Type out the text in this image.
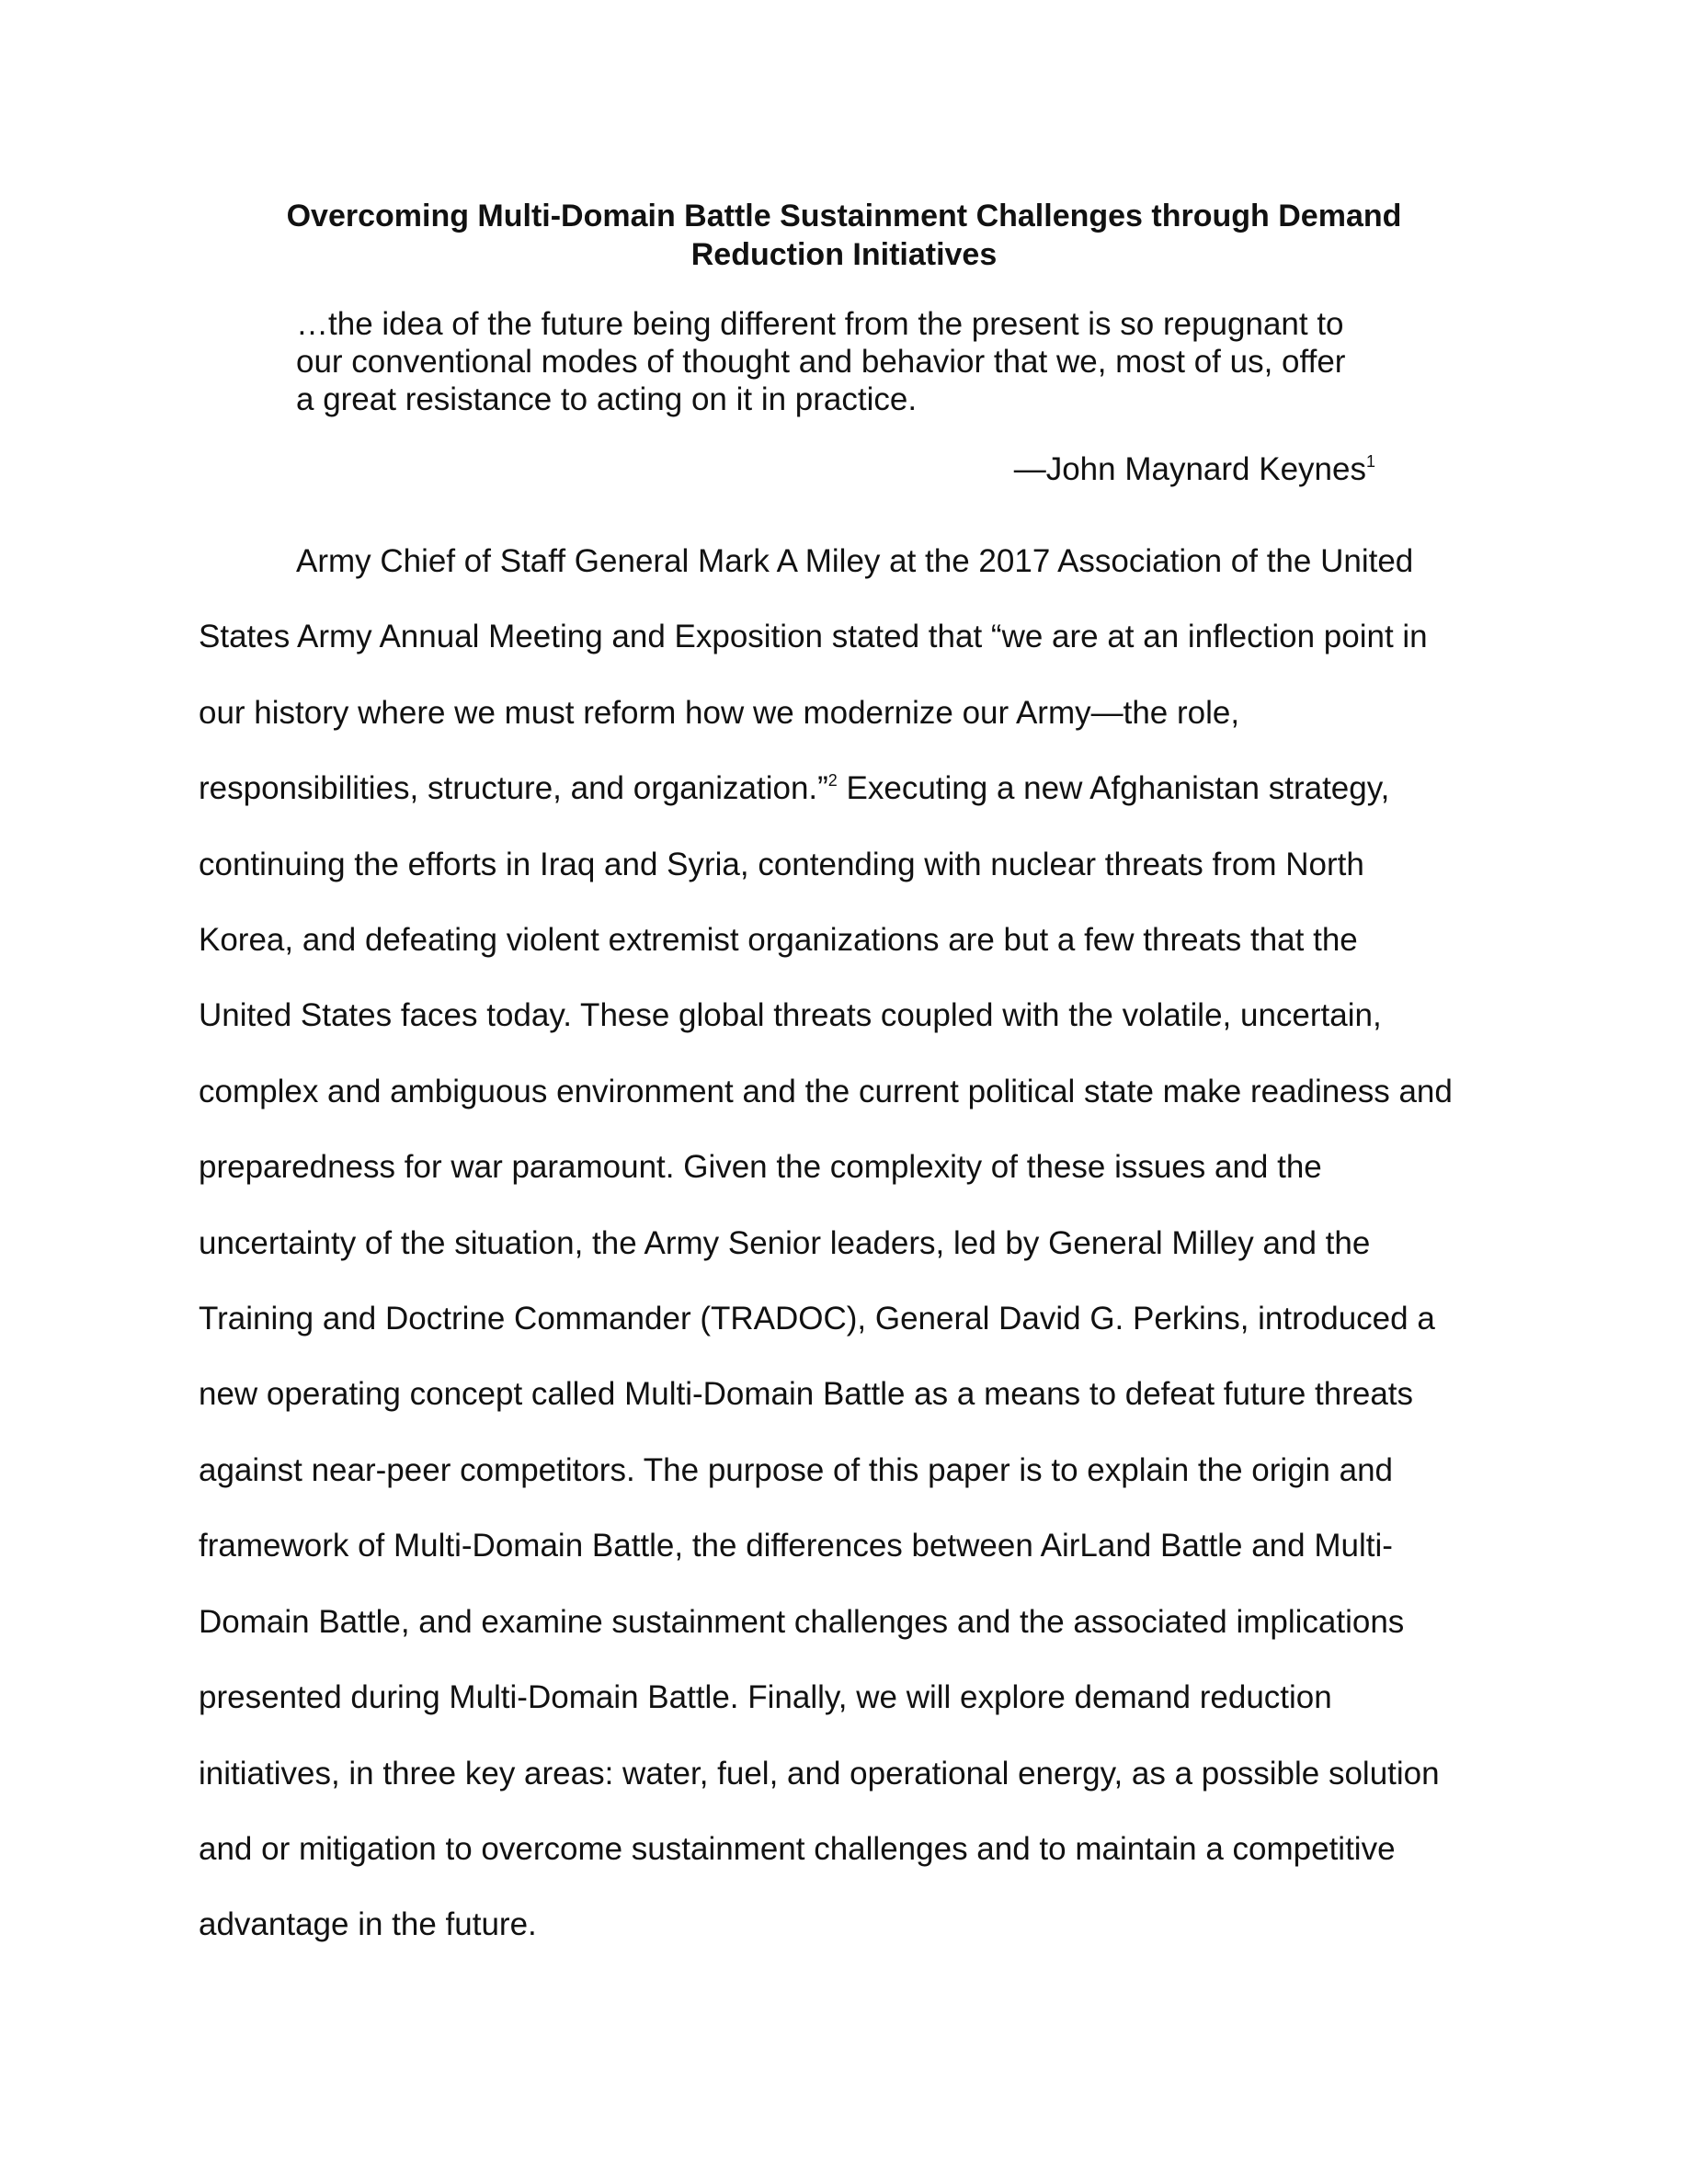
Overcoming Multi-Domain Battle Sustainment Challenges through Demand
Reduction Initiatives
…the idea of the future being different from the present is so repugnant to
our conventional modes of thought and behavior that we, most of us, offer
a great resistance to acting on it in practice.
—John Maynard Keynes$^1$
Army Chief of Staff General Mark A Miley at the 2017 Association of the United
States Army Annual Meeting and Exposition stated that “we are at an inflection point in
our history where we must reform how we modernize our Army—the role,
responsibilities, structure, and organization.”$^2$ Executing a new Afghanistan strategy,
continuing the efforts in Iraq and Syria, contending with nuclear threats from North
Korea, and defeating violent extremist organizations are but a few threats that the
United States faces today. These global threats coupled with the volatile, uncertain,
complex and ambiguous environment and the current political state make readiness and
preparedness for war paramount. Given the complexity of these issues and the
uncertainty of the situation, the Army Senior leaders, led by General Milley and the
Training and Doctrine Commander (TRADOC), General David G. Perkins, introduced a
new operating concept called Multi-Domain Battle as a means to defeat future threats
against near-peer competitors. The purpose of this paper is to explain the origin and
framework of Multi-Domain Battle, the differences between AirLand Battle and Multi-
Domain Battle, and examine sustainment challenges and the associated implications
presented during Multi-Domain Battle. Finally, we will explore demand reduction
initiatives, in three key areas: water, fuel, and operational energy, as a possible solution
and or mitigation to overcome sustainment challenges and to maintain a competitive
advantage in the future.
